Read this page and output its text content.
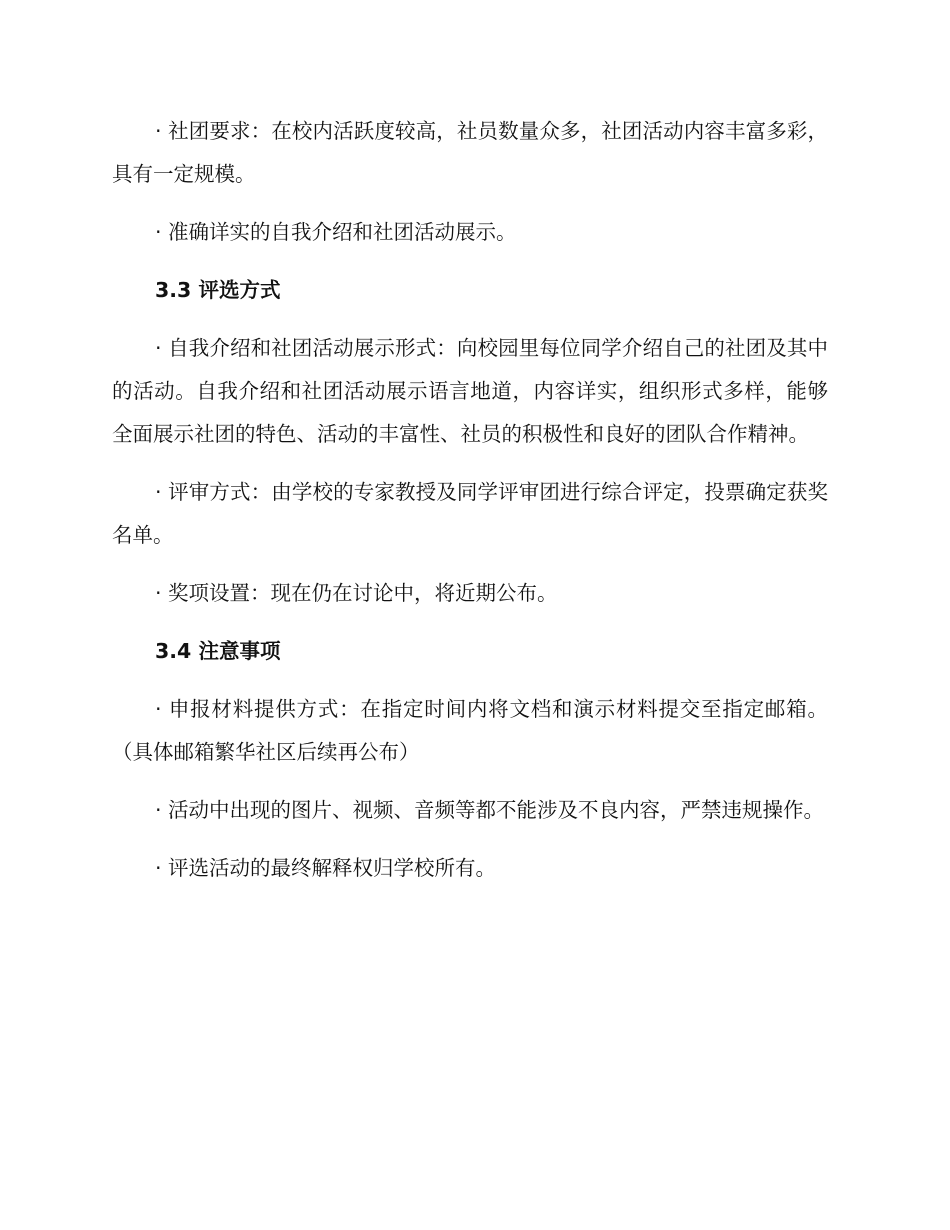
· 社团要求：在校内活跃度较高，社员数量众多，社团活动内容丰富多彩，具有一定规模。

· 准确详实的自我介绍和社团活动展示。

3.3 评选方式

· 自我介绍和社团活动展示形式：向校园里每位同学介绍自己的社团及其中的活动。自我介绍和社团活动展示语言地道，内容详实，组织形式多样，能够全面展示社团的特色、活动的丰富性、社员的积极性和良好的团队合作精神。

· 评审方式：由学校的专家教授及同学评审团进行综合评定，投票确定获奖名单。

· 奖项设置：现在仍在讨论中，将近期公布。

3.4 注意事项

· 申报材料提供方式：在指定时间内将文档和演示材料提交至指定邮箱。（具体邮箱繁华社区后续再公布）

· 活动中出现的图片、视频、音频等都不能涉及不良内容，严禁违规操作。

· 评选活动的最终解释权归学校所有。
